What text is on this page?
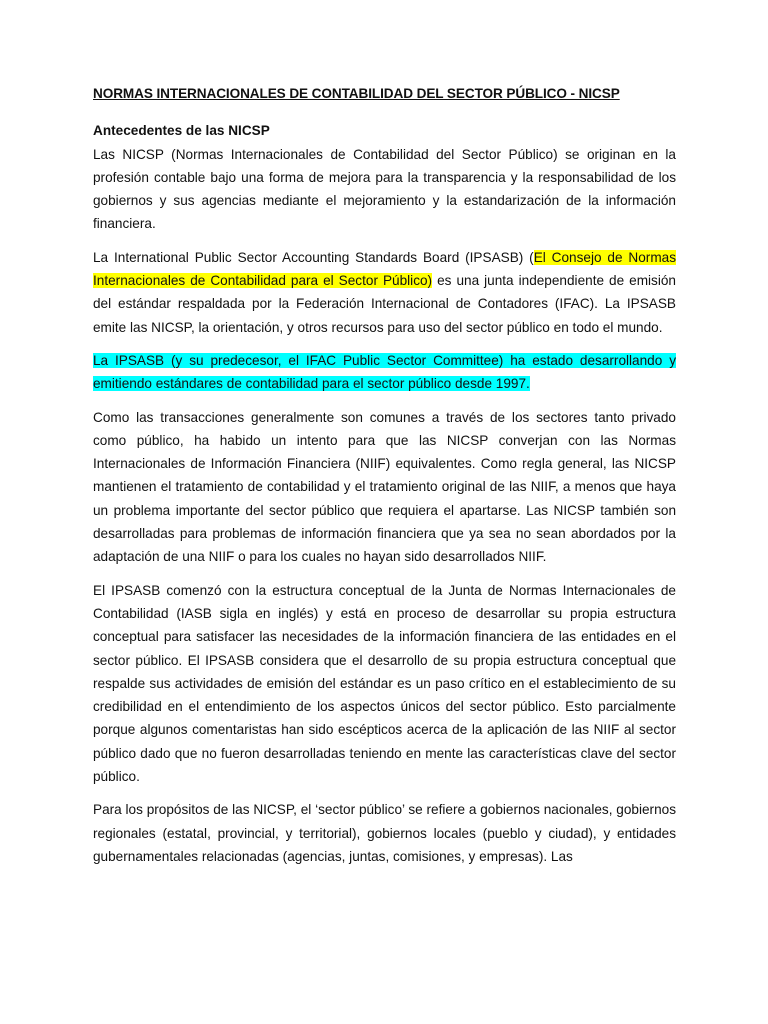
NORMAS INTERNACIONALES DE CONTABILIDAD DEL SECTOR PÚBLICO - NICSP
Antecedentes de las NICSP

Las NICSP (Normas Internacionales de Contabilidad del Sector Público) se originan en la profesión contable bajo una forma de mejora para la transparencia y la responsabilidad de los gobiernos y sus agencias mediante el mejoramiento y la estandarización de la información financiera.

La International Public Sector Accounting Standards Board (IPSASB) (El Consejo de Normas Internacionales de Contabilidad para el Sector Público) es una junta independiente de emisión del estándar respaldada por la Federación Internacional de Contadores (IFAC). La IPSASB emite las NICSP, la orientación, y otros recursos para uso del sector público en todo el mundo.

La IPSASB (y su predecesor, el IFAC Public Sector Committee) ha estado desarrollando y emitiendo estándares de contabilidad para el sector público desde 1997.

Como las transacciones generalmente son comunes a través de los sectores tanto privado como público, ha habido un intento para que las NICSP converjan con las Normas Internacionales de Información Financiera (NIIF) equivalentes. Como regla general, las NICSP mantienen el tratamiento de contabilidad y el tratamiento original de las NIIF, a menos que haya un problema importante del sector público que requiera el apartarse. Las NICSP también son desarrolladas para problemas de información financiera que ya sea no sean abordados por la adaptación de una NIIF o para los cuales no hayan sido desarrollados NIIF.

El IPSASB comenzó con la estructura conceptual de la Junta de Normas Internacionales de Contabilidad (IASB sigla en inglés) y está en proceso de desarrollar su propia estructura conceptual para satisfacer las necesidades de la información financiera de las entidades en el sector público. El IPSASB considera que el desarrollo de su propia estructura conceptual que respalde sus actividades de emisión del estándar es un paso crítico en el establecimiento de su credibilidad en el entendimiento de los aspectos únicos del sector público. Esto parcialmente porque algunos comentaristas han sido escépticos acerca de la aplicación de las NIIF al sector público dado que no fueron desarrolladas teniendo en mente las características clave del sector público.

Para los propósitos de las NICSP, el ‘sector público’ se refiere a gobiernos nacionales, gobiernos regionales (estatal, provincial, y territorial), gobiernos locales (pueblo y ciudad), y entidades gubernamentales relacionadas (agencias, juntas, comisiones, y empresas). Las
